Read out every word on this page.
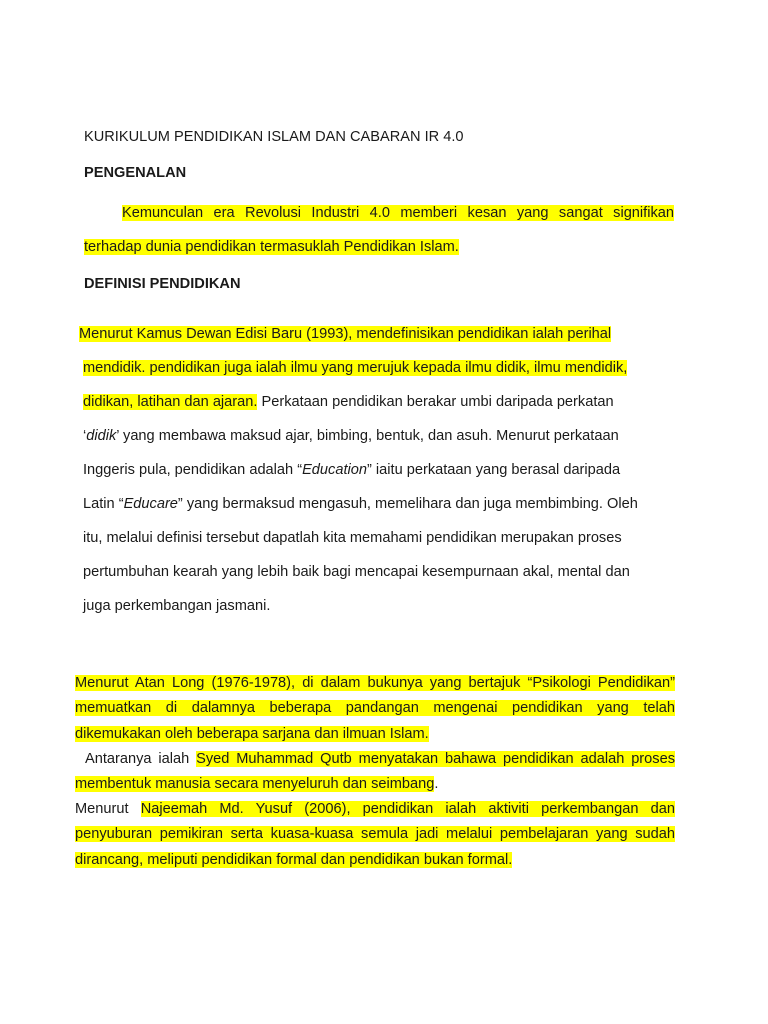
KURIKULUM PENDIDIKAN ISLAM DAN CABARAN IR 4.0
PENGENALAN

Kemunculan era Revolusi Industri 4.0 memberi kesan yang sangat signifikan terhadap dunia pendidikan termasuklah Pendidikan Islam.

DEFINISI PENDIDIKAN
Menurut Kamus Dewan Edisi Baru (1993), mendefinisikan pendidikan ialah perihal
mendidik. pendidikan juga ialah ilmu yang merujuk kepada ilmu didik, ilmu mendidik,
didikan, latihan dan ajaran. Perkataan pendidikan berakar umbi daripada perkatan
‘didik’ yang membawa maksud ajar, bimbing, bentuk, dan asuh. Menurut perkataan
Inggeris pula, pendidikan adalah “Education” iaitu perkataan yang berasal daripada
Latin “Educare” yang bermaksud mengasuh, memelihara dan juga membimbing. Oleh
itu, melalui definisi tersebut dapatlah kita memahami pendidikan merupakan proses
pertumbuhan kearah yang lebih baik bagi mencapai kesempurnaan akal, mental dan
juga perkembangan jasmani.

Menurut Atan Long (1976-1978), di dalam bukunya yang bertajuk “Psikologi Pendidikan” memuatkan di dalamnya beberapa pandangan mengenai pendidikan yang telah dikemukakan oleh beberapa sarjana dan ilmuan Islam.

Antaranya ialah Syed Muhammad Qutb menyatakan bahawa pendidikan adalah proses membentuk manusia secara menyeluruh dan seimbang.

Menurut Najeemah Md. Yusuf (2006), pendidikan ialah aktiviti perkembangan dan penyuburan pemikiran serta kuasa-kuasa semula jadi melalui pembelajaran yang sudah dirancang, meliputi pendidikan formal dan pendidikan bukan formal.
